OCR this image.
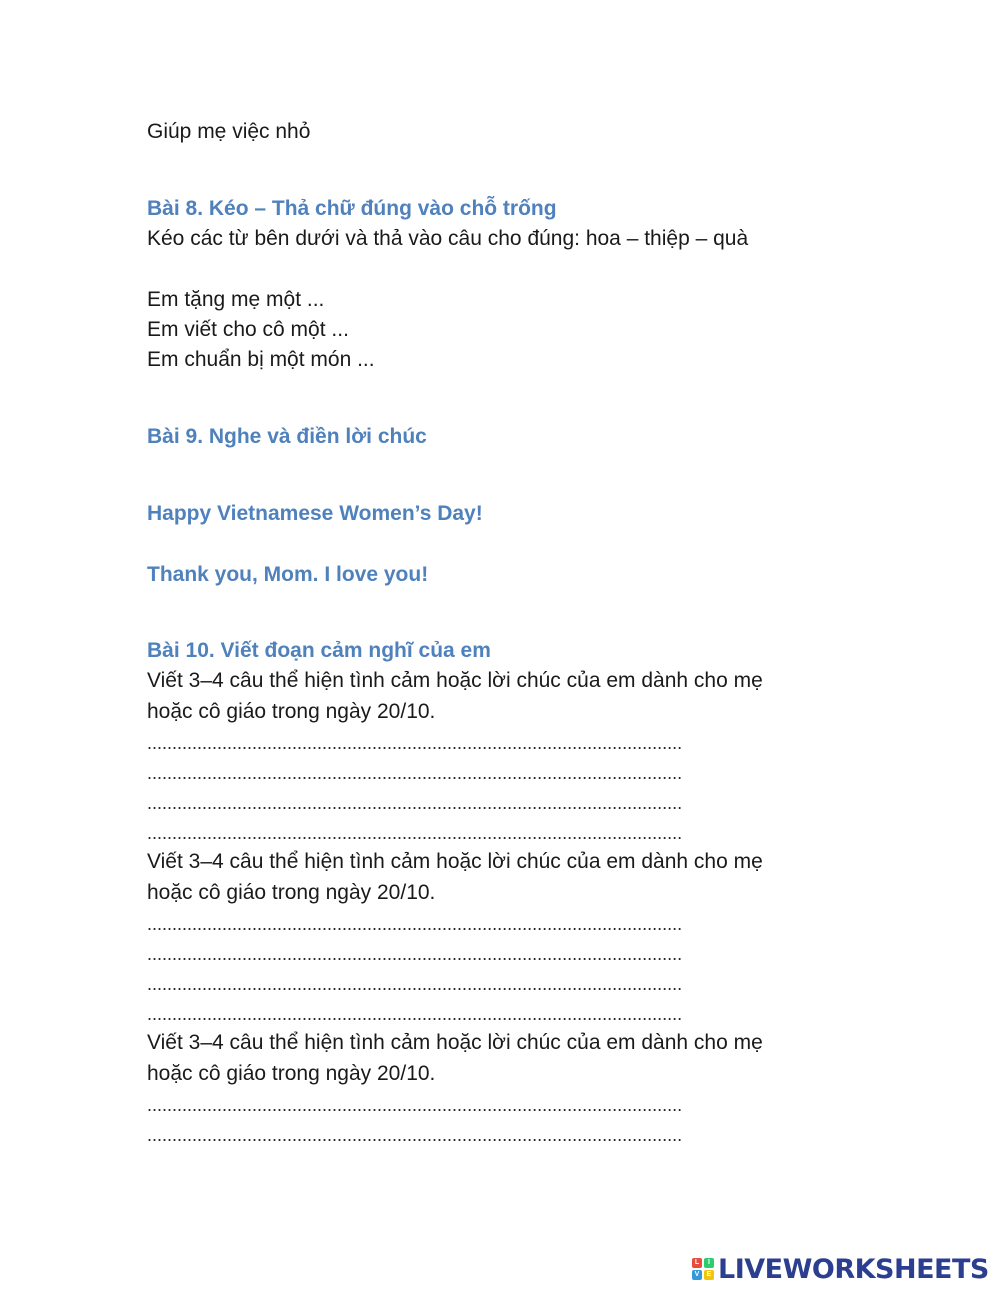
Giúp mẹ việc nhỏ
Bài 8. Kéo – Thả chữ đúng vào chỗ trống
Kéo các từ bên dưới và thả vào câu cho đúng: hoa – thiệp – quà
Em tặng mẹ một ...
Em viết cho cô một ...
Em chuẩn bị một món ...
Bài 9. Nghe và điền lời chúc
Happy Vietnamese Women’s Day!
Thank you, Mom. I love you!
Bài 10. Viết đoạn cảm nghĩ của em
Viết 3–4 câu thể hiện tình cảm hoặc lời chúc của em dành cho mẹ
hoặc cô giáo trong ngày 20/10.
...........................................................................................................
...........................................................................................................
...........................................................................................................
...........................................................................................................
Viết 3–4 câu thể hiện tình cảm hoặc lời chúc của em dành cho mẹ
hoặc cô giáo trong ngày 20/10.
...........................................................................................................
...........................................................................................................
...........................................................................................................
...........................................................................................................
Viết 3–4 câu thể hiện tình cảm hoặc lời chúc của em dành cho mẹ
hoặc cô giáo trong ngày 20/10.
...........................................................................................................
...........................................................................................................
L	I
V	E LIVEWORKSHEETS
